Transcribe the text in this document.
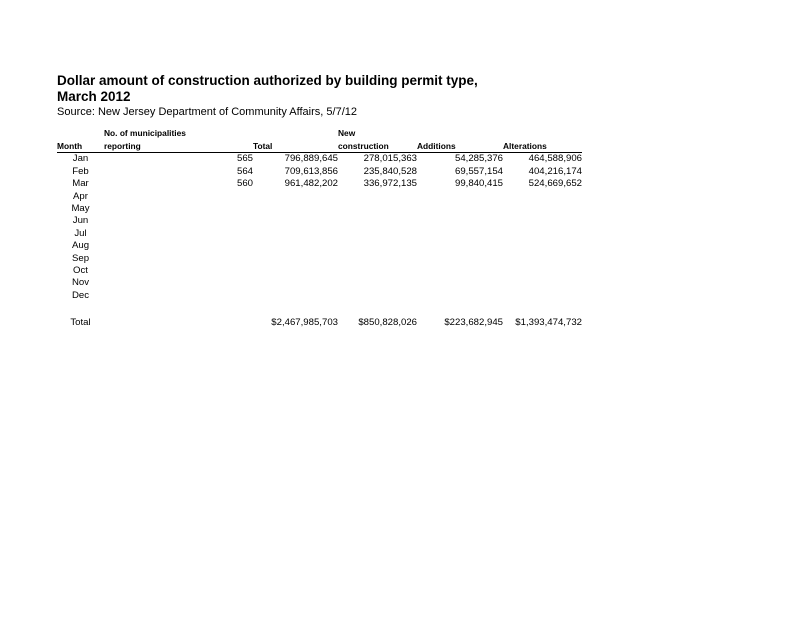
Dollar amount of construction authorized by building permit type,
March 2012
Source: New Jersey Department of Community Affairs, 5/7/12
	No. of municipalities		New		
Month	reporting	Total	construction	Additions	Alterations
Jan	565	796,889,645	278,015,363	54,285,376	464,588,906
Feb	564	709,613,856	235,840,528	69,557,154	404,216,174
Mar	560	961,482,202	336,972,135	99,840,415	524,669,652
Apr					
May					
Jun					
Jul					
Aug					
Sep					
Oct					
Nov					
Dec					

Total		$2,467,985,703	$850,828,026	$223,682,945	$1,393,474,732
